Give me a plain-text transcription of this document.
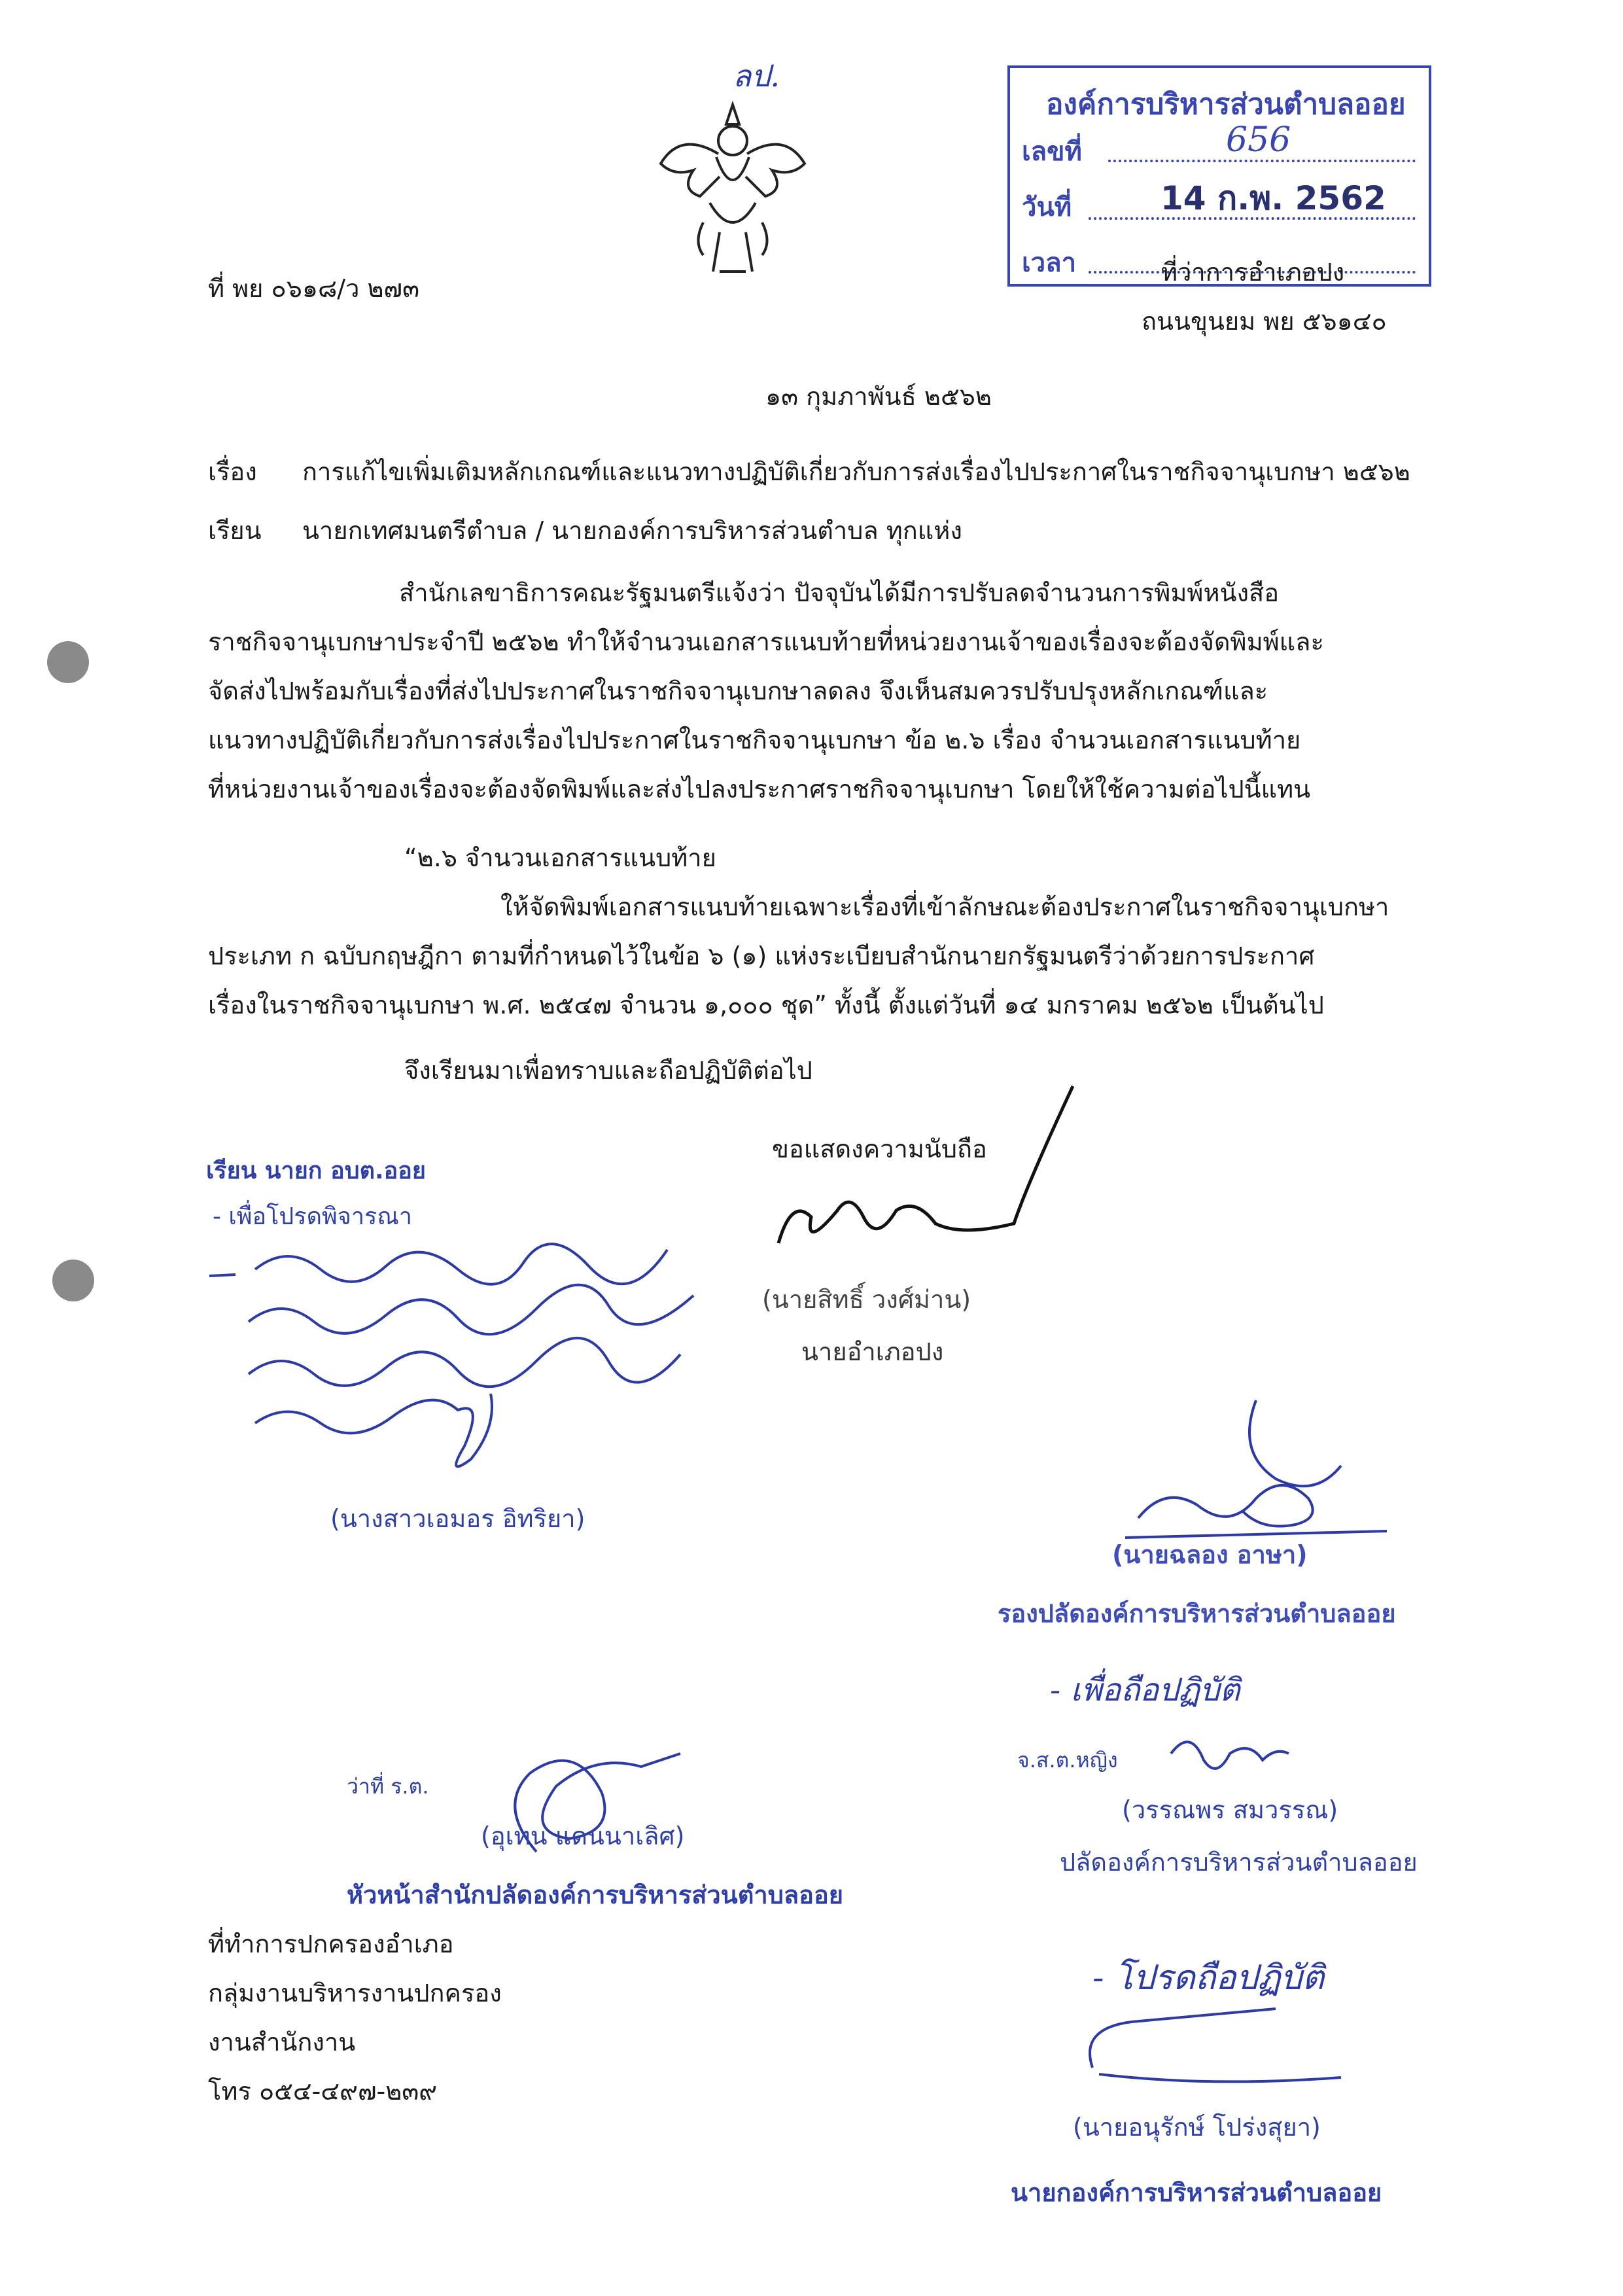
ลป.
องค์การบริหารส่วนตำบลออย
เลขที่	656
วันที่	14 ก.พ. 2562
เวลา
ที่ พย ๐๖๑๘/ว ๒๗๓
ที่ว่าการอำเภอปง
ถนนขุนยม พย ๕๖๑๔๐
๑๓ กุมภาพันธ์ ๒๕๖๒
เรื่อง การแก้ไขเพิ่มเติมหลักเกณฑ์และแนวทางปฏิบัติเกี่ยวกับการส่งเรื่องไปประกาศในราชกิจจานุเบกษา ๒๕๖๒
เรียน นายกเทศมนตรีตำบล / นายกองค์การบริหารส่วนตำบล ทุกแห่ง
สำนักเลขาธิการคณะรัฐมนตรีแจ้งว่า ปัจจุบันได้มีการปรับลดจำนวนการพิมพ์หนังสือ
ราชกิจจานุเบกษาประจำปี ๒๕๖๒ ทำให้จำนวนเอกสารแนบท้ายที่หน่วยงานเจ้าของเรื่องจะต้องจัดพิมพ์และ
จัดส่งไปพร้อมกับเรื่องที่ส่งไปประกาศในราชกิจจานุเบกษาลดลง จึงเห็นสมควรปรับปรุงหลักเกณฑ์และ
แนวทางปฏิบัติเกี่ยวกับการส่งเรื่องไปประกาศในราชกิจจานุเบกษา ข้อ ๒.๖ เรื่อง จำนวนเอกสารแนบท้าย
ที่หน่วยงานเจ้าของเรื่องจะต้องจัดพิมพ์และส่งไปลงประกาศราชกิจจานุเบกษา โดยให้ใช้ความต่อไปนี้แทน
“๒.๖ จำนวนเอกสารแนบท้าย
ให้จัดพิมพ์เอกสารแนบท้ายเฉพาะเรื่องที่เข้าลักษณะต้องประกาศในราชกิจจานุเบกษา
ประเภท ก ฉบับกฤษฎีกา ตามที่กำหนดไว้ในข้อ ๖ (๑) แห่งระเบียบสำนักนายกรัฐมนตรีว่าด้วยการประกาศ
เรื่องในราชกิจจานุเบกษา พ.ศ. ๒๕๔๗ จำนวน ๑,๐๐๐ ชุด” ทั้งนี้ ตั้งแต่วันที่ ๑๔ มกราคม ๒๕๖๒ เป็นต้นไป
จึงเรียนมาเพื่อทราบและถือปฏิบัติต่อไป
ขอแสดงความนับถือ
(นายสิทธิ์ วงศ์ม่าน)
นายอำเภอปง
เรียน นายก อบต.ออย
- เพื่อโปรดพิจารณา
(นางสาวเอมอร อิทริยา)
(นายฉลอง อาษา)
รองปลัดองค์การบริหารส่วนตำบลออย
- เพื่อถือปฏิบัติ
จ.ส.ต.หญิง
(วรรณพร สมวรรณ)
ปลัดองค์การบริหารส่วนตำบลออย
ว่าที่ ร.ต.
(อุเทน แดนนาเลิศ)
หัวหน้าสำนักปลัดองค์การบริหารส่วนตำบลออย
ที่ทำการปกครองอำเภอ
กลุ่มงานบริหารงานปกครอง
งานสำนักงาน
โทร ๐๕๔-๔๙๗-๒๓๙
- โปรดถือปฏิบัติ
(นายอนุรักษ์ โปร่งสุยา)
นายกองค์การบริหารส่วนตำบลออย
